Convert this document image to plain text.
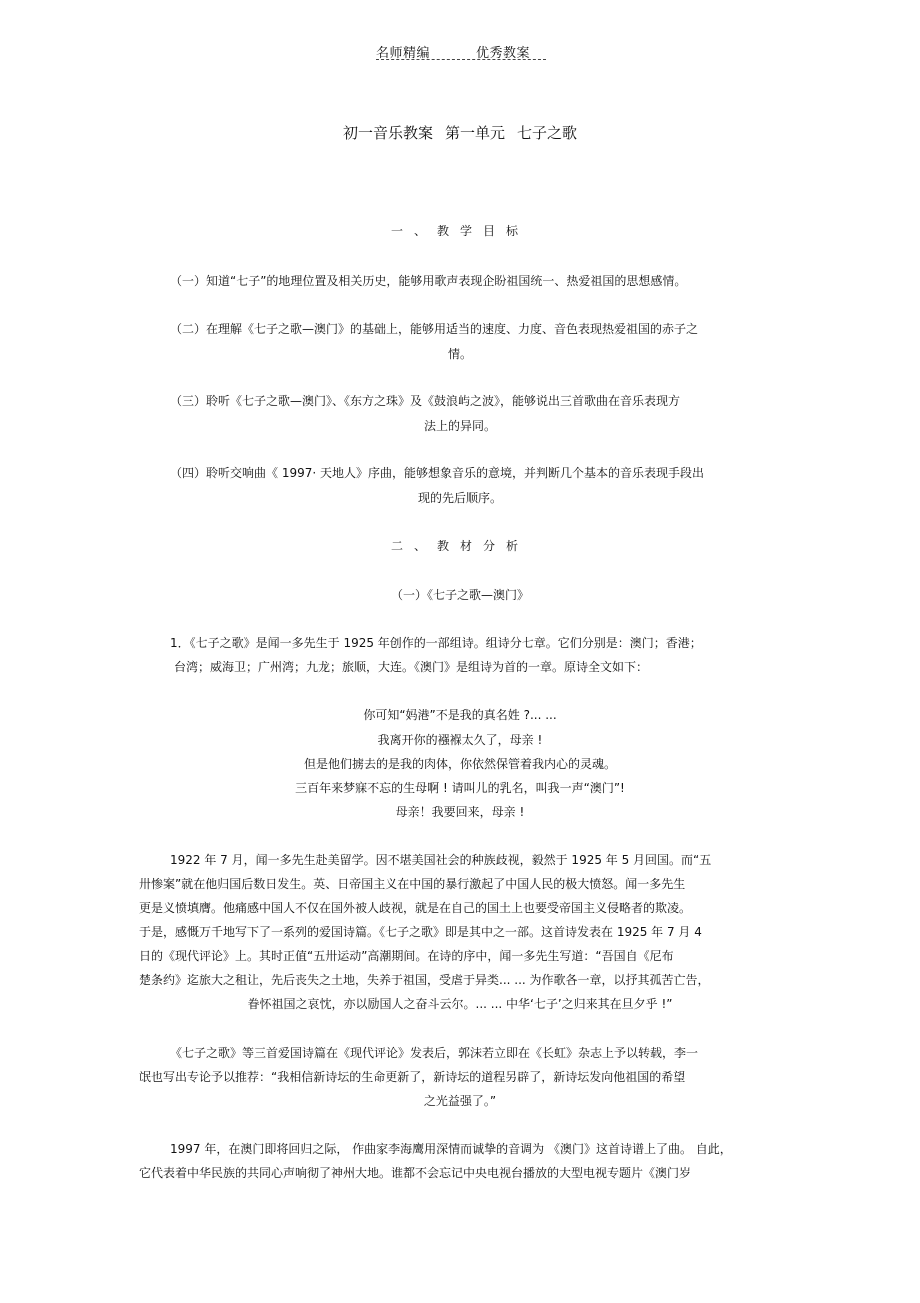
名师精编	优秀教案
初一音乐教案 第一单元 七子之歌
一、教学目标
（一）知道“七子”的地理位置及相关历史，能够用歌声表现企盼祖国统一、热爱祖国的思想感情。
（二）在理解《七子之歌—澳门》的基础上，能够用适当的速度、力度、音色表现热爱祖国的赤子之
情。
（三）聆听《七子之歌—澳门》、《东方之珠》及《鼓浪屿之波》，能够说出三首歌曲在音乐表现方
法上的异同。
（四）聆听交响曲《 1997· 天地人》序曲，能够想象音乐的意境，并判断几个基本的音乐表现手段出
现的先后顺序。
二、教材分析
（一）《七子之歌—澳门》
1．《七子之歌》是闻一多先生于 1925 年创作的一部组诗。组诗分七章。它们分别是：澳门；香港；
台湾；威海卫；广州湾；九龙；旅顺，大连。《澳门》是组诗为首的一章。原诗全文如下：
你可知“妈港”不是我的真名姓 ?... ...
我离开你的襁褓太久了，母亲 !
但是他们掳去的是我的肉体，你依然保管着我内心的灵魂。
三百年来梦寐不忘的生母啊 ! 请叫儿的乳名，叫我一声“澳门”!
母亲！我要回来，母亲 !
1922 年 7 月，闻一多先生赴美留学。因不堪美国社会的种族歧视，毅然于 1925 年 5 月回国。而“五
卅惨案”就在他归国后数日发生。英、日帝国主义在中国的暴行激起了中国人民的极大愤怒。闻一多先生
更是义愤填膺。他痛感中国人不仅在国外被人歧视，就是在自己的国土上也要受帝国主义侵略者的欺凌。
于是，感慨万千地写下了一系列的爱国诗篇。《七子之歌》即是其中之一部。这首诗发表在 1925 年 7 月 4
日的《现代评论》上。其时正值“五卅运动”高潮期间。在诗的序中，闻一多先生写道：“吾国自《尼布
楚条约》迄旅大之租让，先后丧失之土地，失养于祖国，受虐于异类... ... 为作歌各一章，以抒其孤苦亡告，
眷怀祖国之哀忱，亦以励国人之奋斗云尔。... ... 中华‘七子’之归来其在旦夕乎 !”
《七子之歌》等三首爱国诗篇在《现代评论》发表后，郭沫若立即在《长虹》杂志上予以转载，李一
氓也写出专论予以推荐：“我相信新诗坛的生命更新了，新诗坛的道程另辟了，新诗坛发向他祖国的希望
之光益强了。”
1997 年，在澳门即将回归之际， 作曲家李海鹰用深情而诚挚的音调为 《澳门》这首诗谱上了曲。 自此，
它代表着中华民族的共同心声响彻了神州大地。谁都不会忘记中央电视台播放的大型电视专题片《澳门岁
